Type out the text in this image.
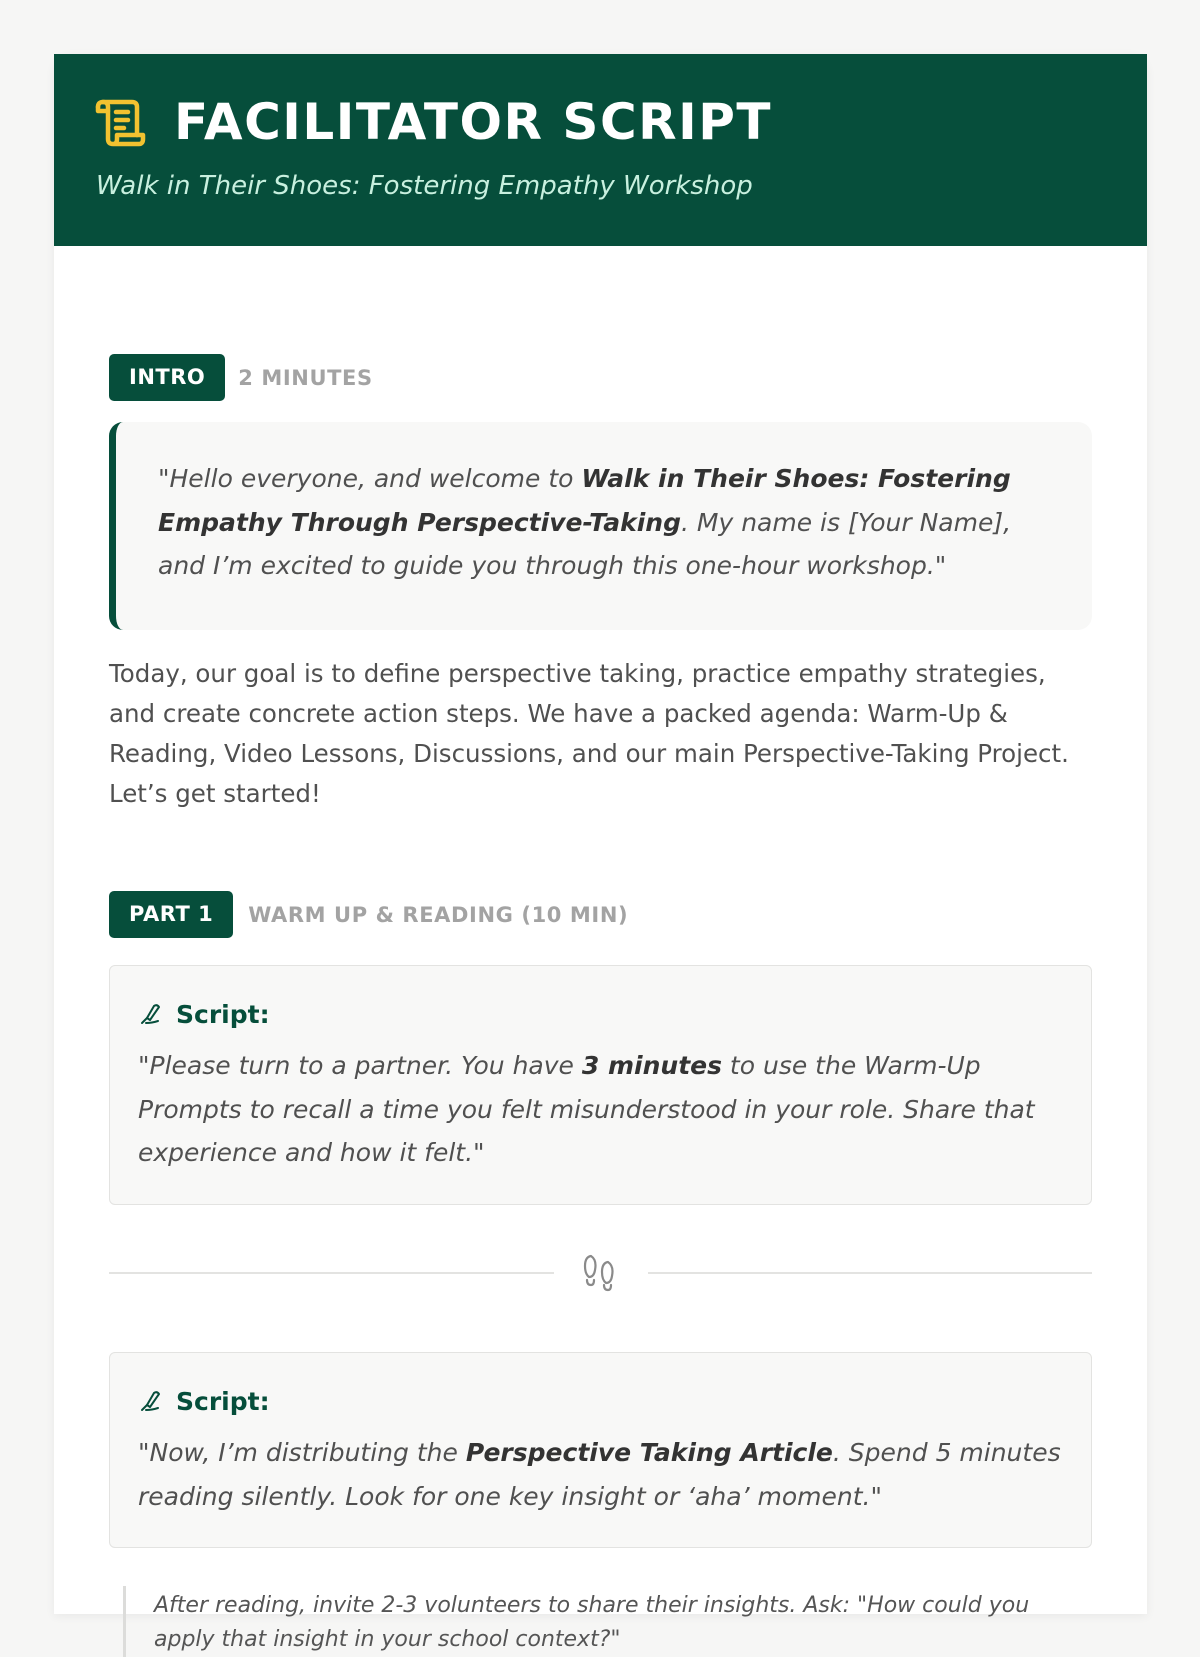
FACILITATOR SCRIPT

Walk in Their Shoes: Fostering Empathy Workshop

INTRO	2 MINUTES
"Hello everyone, and welcome to Walk in Their Shoes: Fostering Empathy Through Perspective-Taking. My name is [Your Name], and I’m excited to guide you through this one-hour workshop."

Today, our goal is to define perspective taking, practice empathy strategies, and create concrete action steps. We have a packed agenda: Warm-Up & Reading, Video Lessons, Discussions, and our main Perspective-Taking Project. Let’s get started!

PART 1	WARM UP & READING (10 MIN)
Script:

"Please turn to a partner. You have 3 minutes to use the Warm-Up Prompts to recall a time you felt misunderstood in your role. Share that experience and how it felt."

Script:

"Now, I’m distributing the Perspective Taking Article. Spend 5 minutes reading silently. Look for one key insight or ‘aha’ moment."

After reading, invite 2-3 volunteers to share their insights. Ask: "How could you apply that insight in your school context?"
